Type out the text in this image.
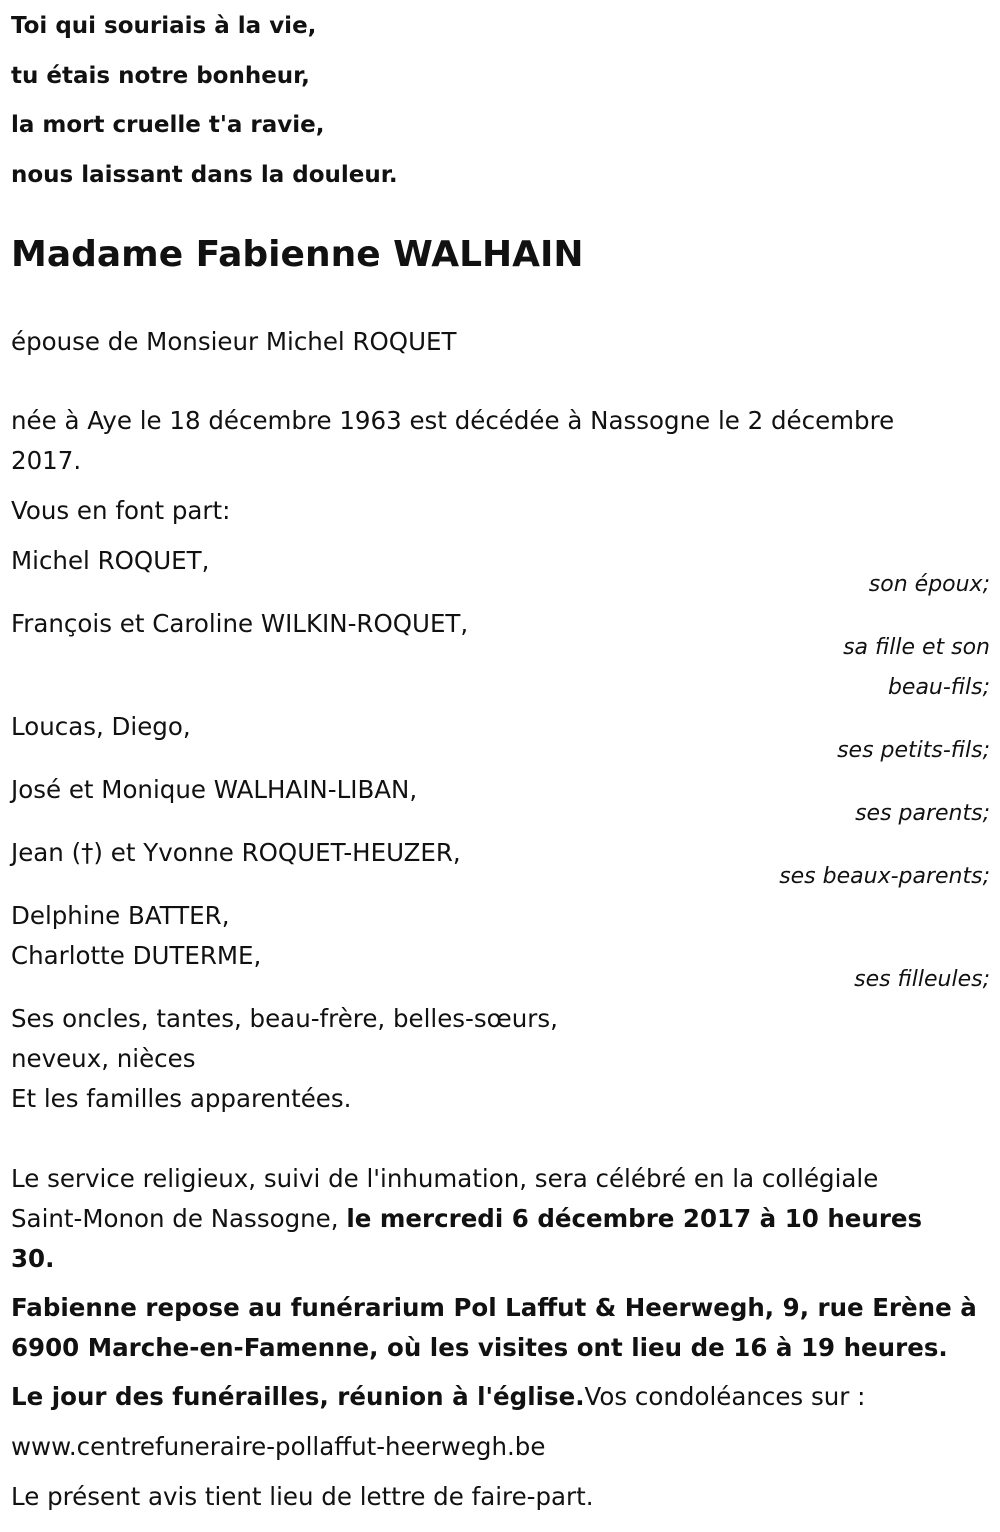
Toi qui souriais à la vie,
tu étais notre bonheur,
la mort cruelle t'a ravie,
nous laissant dans la douleur.

Madame Fabienne WALHAIN

épouse de Monsieur Michel ROQUET

née à Aye le 18 décembre 1963 est décédée à Nassogne le 2 décembre

2017.

Vous en font part:

Michel ROQUET,

son époux;

François et Caroline WILKIN-ROQUET,

sa fille et son

beau-fils;

Loucas, Diego,

ses petits-fils;

José et Monique WALHAIN-LIBAN,

ses parents;

Jean (†) et Yvonne ROQUET-HEUZER,

ses beaux-parents;

Delphine BATTER,

Charlotte DUTERME,

ses filleules;

Ses oncles, tantes, beau-frère, belles-sœurs,

neveux, nièces

Et les familles apparentées.

Le service religieux, suivi de l'inhumation, sera célébré en la collégiale

Saint-Monon de Nassogne, le mercredi 6 décembre 2017 à 10 heures

30.

Fabienne repose au funérarium Pol Laffut & Heerwegh, 9, rue Erène à

6900 Marche-en-Famenne, où les visites ont lieu de 16 à 19 heures.

Le jour des funérailles, réunion à l'église.Vos condoléances sur :

www.centrefuneraire-pollaffut-heerwegh.be

Le présent avis tient lieu de lettre de faire-part.
